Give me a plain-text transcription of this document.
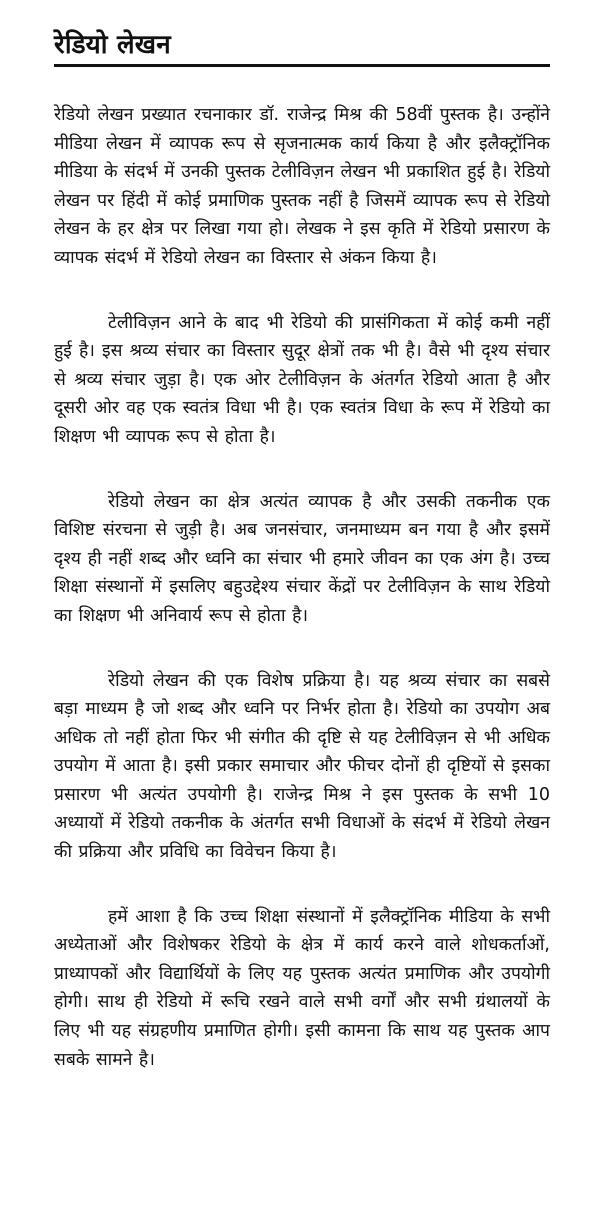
रेडियो लेखन

रेडियो लेखन प्रख्यात रचनाकार डॉ. राजेन्द्र मिश्र की 58वीं पुस्तक है। उन्होंने मीडिया लेखन में व्यापक रूप से सृजनात्मक कार्य किया है और इलैक्ट्रॉनिक मीडिया के संदर्भ में उनकी पुस्तक टेलीविज़न लेखन भी प्रकाशित हुई है। रेडियो लेखन पर हिंदी में कोई प्रमाणिक पुस्तक नहीं है जिसमें व्यापक रूप से रेडियो लेखन के हर क्षेत्र पर लिखा गया हो। लेखक ने इस कृति में रेडियो प्रसारण के व्यापक संदर्भ में रेडियो लेखन का विस्तार से अंकन किया है।

टेलीविज़न आने के बाद भी रेडियो की प्रासंगिकता में कोई कमी नहीं हुई है। इस श्रव्य संचार का विस्तार सुदूर क्षेत्रों तक भी है। वैसे भी दृश्य संचार से श्रव्य संचार जुड़ा है। एक ओर टेलीविज़न के अंतर्गत रेडियो आता है और दूसरी ओर वह एक स्वतंत्र विधा भी है। एक स्वतंत्र विधा के रूप में रेडियो का शिक्षण भी व्यापक रूप से होता है।

रेडियो लेखन का क्षेत्र अत्यंत व्यापक है और उसकी तकनीक एक विशिष्ट संरचना से जुड़ी है। अब जनसंचार, जनमाध्यम बन गया है और इसमें दृश्य ही नहीं शब्द और ध्वनि का संचार भी हमारे जीवन का एक अंग है। उच्च शिक्षा संस्थानों में इसलिए बहुउद्देश्य संचार केंद्रों पर टेलीविज़न के साथ रेडियो का शिक्षण भी अनिवार्य रूप से होता है।

रेडियो लेखन की एक विशेष प्रक्रिया है। यह श्रव्य संचार का सबसे बड़ा माध्यम है जो शब्द और ध्वनि पर निर्भर होता है। रेडियो का उपयोग अब अधिक तो नहीं होता फिर भी संगीत की दृष्टि से यह टेलीविज़न से भी अधिक उपयोग में आता है। इसी प्रकार समाचार और फीचर दोनों ही दृष्टियों से इसका प्रसारण भी अत्यंत उपयोगी है। राजेन्द्र मिश्र ने इस पुस्तक के सभी 10 अध्यायों में रेडियो तकनीक के अंतर्गत सभी विधाओं के संदर्भ में रेडियो लेखन की प्रक्रिया और प्रविधि का विवेचन किया है।

हमें आशा है कि उच्च शिक्षा संस्थानों में इलैक्ट्रॉनिक मीडिया के सभी अध्येताओं और विशेषकर रेडियो के क्षेत्र में कार्य करने वाले शोधकर्ताओं, प्राध्यापकों और विद्यार्थियों के लिए यह पुस्तक अत्यंत प्रमाणिक और उपयोगी होगी। साथ ही रेडियो में रूचि रखने वाले सभी वर्गों और सभी ग्रंथालयों के लिए भी यह संग्रहणीय प्रमाणित होगी। इसी कामना कि साथ यह पुस्तक आप सबके सामने है।
